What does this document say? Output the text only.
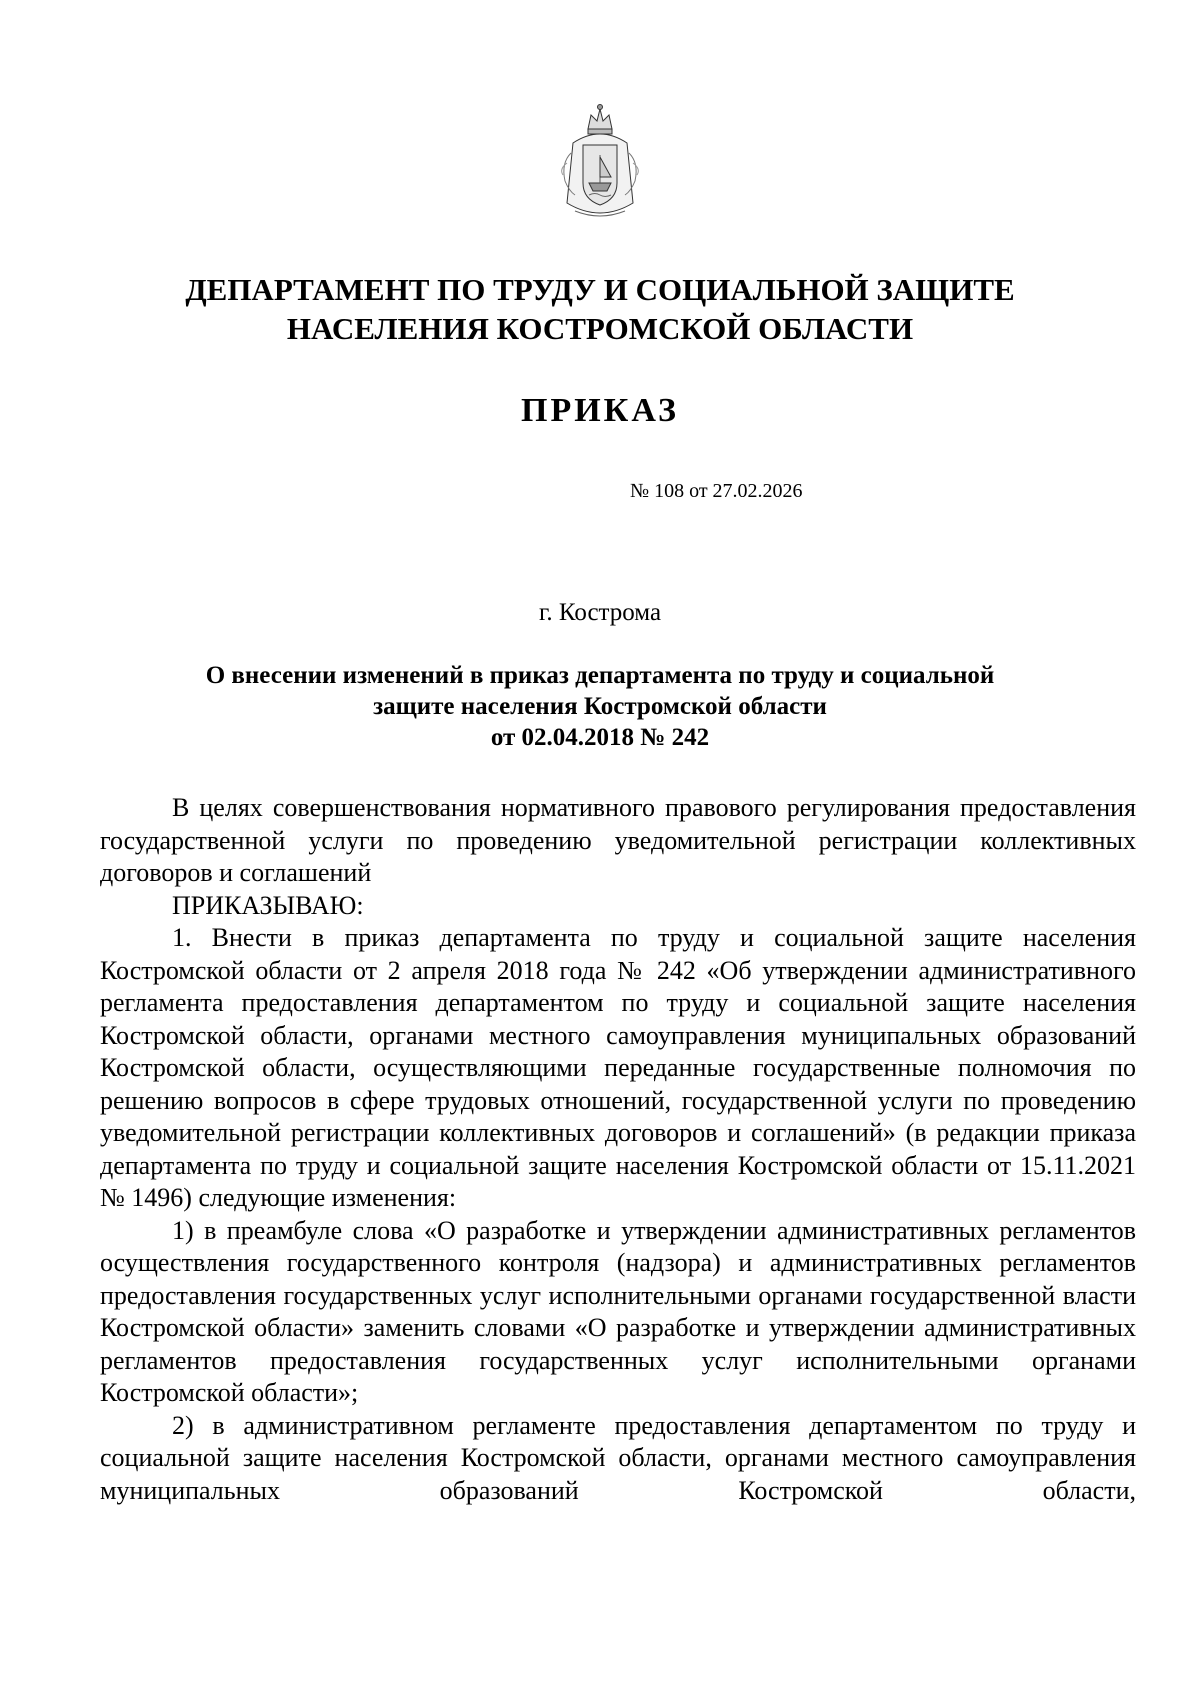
ДЕПАРТАМЕНТ ПО ТРУДУ И СОЦИАЛЬНОЙ ЗАЩИТЕ
НАСЕЛЕНИЯ КОСТРОМСКОЙ ОБЛАСТИ
ПРИКАЗ
№ 108 от 27.02.2026
г. Кострома
О внесении изменений в приказ департамента по труду и социальной
защите населения Костромской области
от 02.04.2018 № 242

В целях совершенствования нормативного правового регулирования предоставления государственной услуги по проведению уведомительной регистрации коллективных договоров и соглашений

ПРИКАЗЫВАЮ:

1. Внести в приказ департамента по труду и социальной защите населения Костромской области от 2 апреля 2018 года № 242 «Об утверждении административного регламента предоставления департаментом по труду и социальной защите населения Костромской области, органами местного самоуправления муниципальных образований Костромской области, осуществляющими переданные государственные полномочия по решению вопросов в сфере трудовых отношений, государственной услуги по проведению уведомительной регистрации коллективных договоров и соглашений» (в редакции приказа департамента по труду и социальной защите населения Костромской области от 15.11.2021 № 1496) следующие изменения:

1) в преамбуле слова «О разработке и утверждении административных регламентов осуществления государственного контроля (надзора) и административных регламентов предоставления государственных услуг исполнительными органами государственной власти Костромской области» заменить словами «О разработке и утверждении административных регламентов предоставления государственных услуг исполнительными органами Костромской области»;

2) в административном регламенте предоставления департаментом по труду и социальной защите населения Костромской области, органами местного самоуправления муниципальных образований Костромской области,
